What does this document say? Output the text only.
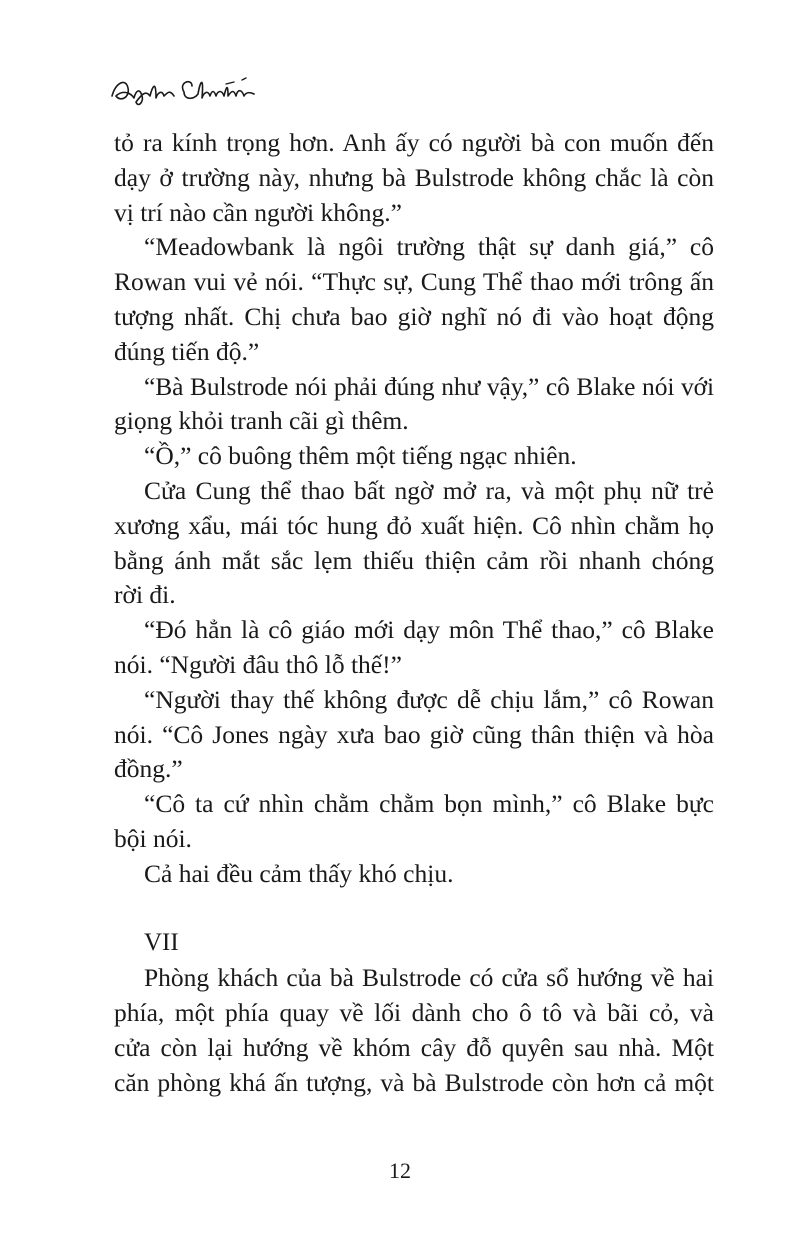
tỏ ra kính trọng hơn. Anh ấy có người bà con muốn đến
dạy ở trường này, nhưng bà Bulstrode không chắc là còn
vị trí nào cần người không.”
“Meadowbank là ngôi trường thật sự danh giá,” cô
Rowan vui vẻ nói. “Thực sự, Cung Thể thao mới trông ấn
tượng nhất. Chị chưa bao giờ nghĩ nó đi vào hoạt động
đúng tiến độ.”
“Bà Bulstrode nói phải đúng như vậy,” cô Blake nói với
giọng khỏi tranh cãi gì thêm.
“Ồ,” cô buông thêm một tiếng ngạc nhiên.
Cửa Cung thể thao bất ngờ mở ra, và một phụ nữ trẻ
xương xẩu, mái tóc hung đỏ xuất hiện. Cô nhìn chằm họ
bằng ánh mắt sắc lẹm thiếu thiện cảm rồi nhanh chóng
rời đi.
“Đó hẳn là cô giáo mới dạy môn Thể thao,” cô Blake
nói. “Người đâu thô lỗ thế!”
“Người thay thế không được dễ chịu lắm,” cô Rowan
nói. “Cô Jones ngày xưa bao giờ cũng thân thiện và hòa
đồng.”
“Cô ta cứ nhìn chằm chằm bọn mình,” cô Blake bực
bội nói.
Cả hai đều cảm thấy khó chịu.
VII
Phòng khách của bà Bulstrode có cửa sổ hướng về hai
phía, một phía quay về lối dành cho ô tô và bãi cỏ, và
cửa còn lại hướng về khóm cây đỗ quyên sau nhà. Một
căn phòng khá ấn tượng, và bà Bulstrode còn hơn cả một
12
